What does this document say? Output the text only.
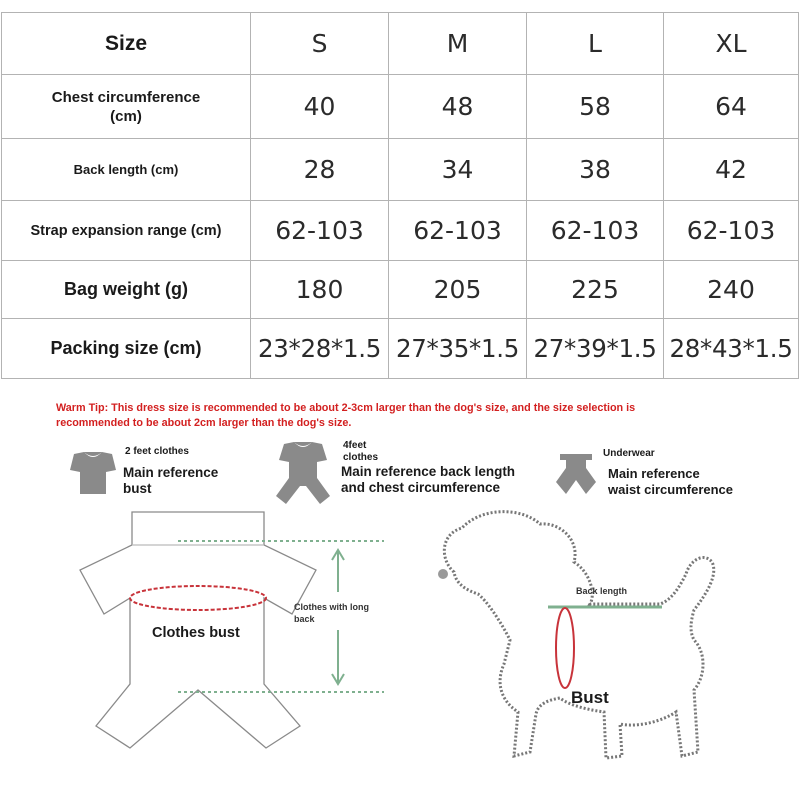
Size	S	M	L	XL

Chest circumference (cm)	40	48	58	64
Back length (cm)	28	34	38	42
Strap expansion range (cm)	62-103	62-103	62-103	62-103
Bag weight (g)	180	205	225	240
Packing size (cm)	23*28*1.5	27*35*1.5	27*39*1.5	28*43*1.5
Warm Tip: This dress size is recommended to be about 2-3cm larger than the dog's size, and the size selection is
recommended to be about 2cm larger than the dog's size.
2 feet clothes
Main reference
bust
4feet
clothes
Main reference back length
and chest circumference
Underwear
Main reference
waist circumference
Clothes bust
Clothes with long
back
Back length
Bust
